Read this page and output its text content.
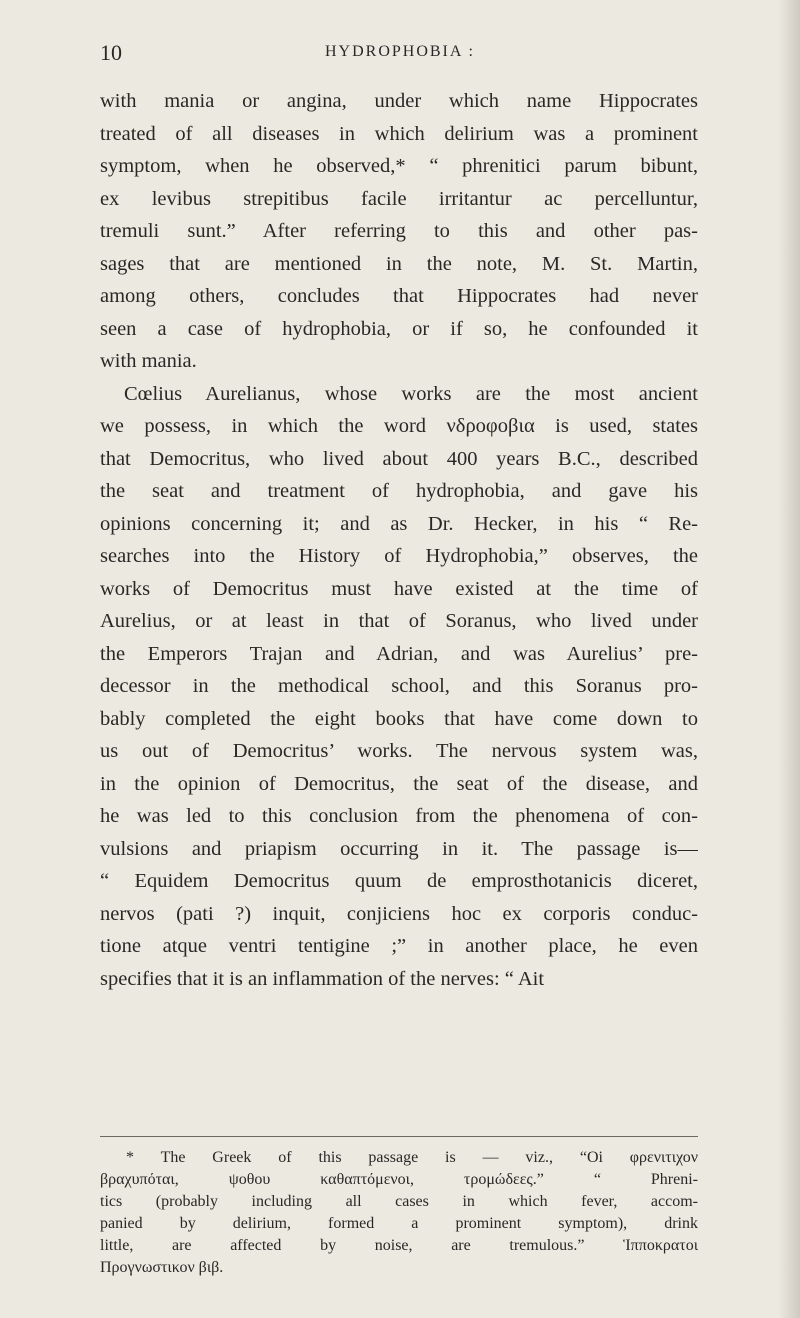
10	HYDROPHOBIA :
with mania or angina, under which name Hippocrates
treated of all diseases in which delirium was a prominent
symptom, when he observed,* “ phrenitici parum bibunt,
ex levibus strepitibus facile irritantur ac percelluntur,
tremuli sunt.” After referring to this and other pas-
sages that are mentioned in the note, M. St. Martin,
among others, concludes that Hippocrates had never
seen a case of hydrophobia, or if so, he confounded it
with mania.
Cœlius Aurelianus, whose works are the most ancient
we possess, in which the word νδροφοβια is used, states
that Democritus, who lived about 400 years B.C., described
the seat and treatment of hydrophobia, and gave his
opinions concerning it; and as Dr. Hecker, in his “ Re-
searches into the History of Hydrophobia,” observes, the
works of Democritus must have existed at the time of
Aurelius, or at least in that of Soranus, who lived under
the Emperors Trajan and Adrian, and was Aurelius’ pre-
decessor in the methodical school, and this Soranus pro-
bably completed the eight books that have come down to
us out of Democritus’ works. The nervous system was,
in the opinion of Democritus, the seat of the disease, and
he was led to this conclusion from the phenomena of con-
vulsions and priapism occurring in it. The passage is—
“ Equidem Democritus quum de emprosthotanicis diceret,
nervos (pati ?) inquit, conjiciens hoc ex corporis conduc-
tione atque ventri tentigine ;” in another place, he even
specifies that it is an inflammation of the nerves: “ Ait
* The Greek of this passage is — viz., “Oi φρενιτιχον
βραχυπόται, ψοθου καθαπτόμενοι, τρομώδεες.” “ Phreni-
tics (probably including all cases in which fever, accom-
panied by delirium, formed a prominent symptom), drink
little, are affected by noise, are tremulous.” Ἱπποκρατοι
Προγνωστικον βιβ.
